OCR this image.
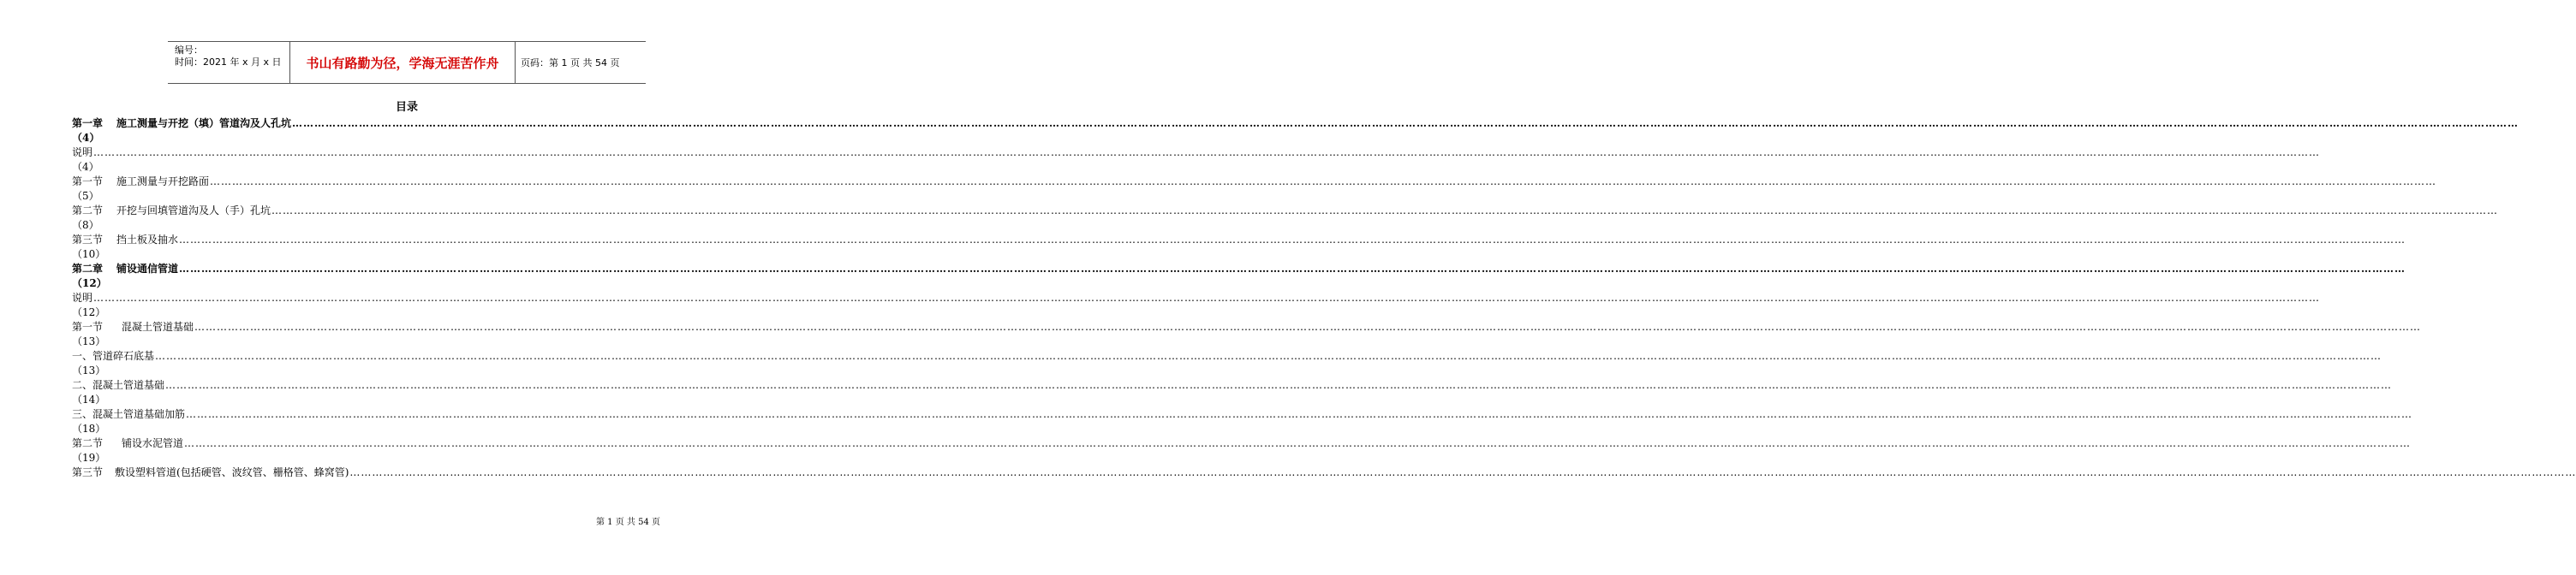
编号：
时间：2021 年 x 月 x 日	书山有路勤为径，学海无涯苦作舟	页码：第 1 页 共 54 页
目录
第一章 施工测量与开挖（填）管道沟及人孔坑 ……………………………………………………………………………………………………………………………………………………………………………………………………………………………………………………………………………………………………………………………………………………………………………………………………………………………………………………………………………………………………………………………………………………
（4）
说明 ……………………………………………………………………………………………………………………………………………………………………………………………………………………………………………………………………………………………………………………………………………………………………………………………………………………………………………………………………………………………………………………………………………………
（4）
第一节 施工测量与开挖路面 ……………………………………………………………………………………………………………………………………………………………………………………………………………………………………………………………………………………………………………………………………………………………………………………………………………………………………………………………………………………………………………………………………………………
（5）
第二节 开挖与回填管道沟及人（手）孔坑 ……………………………………………………………………………………………………………………………………………………………………………………………………………………………………………………………………………………………………………………………………………………………………………………………………………………………………………………………………………………………………………………………………………………
（8）
第三节 挡土板及抽水 ……………………………………………………………………………………………………………………………………………………………………………………………………………………………………………………………………………………………………………………………………………………………………………………………………………………………………………………………………………………………………………………………………………………
（10）
第二章 铺设通信管道 ……………………………………………………………………………………………………………………………………………………………………………………………………………………………………………………………………………………………………………………………………………………………………………………………………………………………………………………………………………………………………………………………………………………
（12）
说明 ……………………………………………………………………………………………………………………………………………………………………………………………………………………………………………………………………………………………………………………………………………………………………………………………………………………………………………………………………………………………………………………………………………………
（12）
第一节 混凝土管道基础 ……………………………………………………………………………………………………………………………………………………………………………………………………………………………………………………………………………………………………………………………………………………………………………………………………………………………………………………………………………………………………………………………………………………
（13）
一、管道碎石底基 ……………………………………………………………………………………………………………………………………………………………………………………………………………………………………………………………………………………………………………………………………………………………………………………………………………………………………………………………………………………………………………………………………………………
（13）
二、混凝土管道基础 ……………………………………………………………………………………………………………………………………………………………………………………………………………………………………………………………………………………………………………………………………………………………………………………………………………………………………………………………………………………………………………………………………………………
（14）
三、混凝土管道基础加筋 ……………………………………………………………………………………………………………………………………………………………………………………………………………………………………………………………………………………………………………………………………………………………………………………………………………………………………………………………………………………………………………………………………………………
（18）
第二节 铺设水泥管道 ……………………………………………………………………………………………………………………………………………………………………………………………………………………………………………………………………………………………………………………………………………………………………………………………………………………………………………………………………………………………………………………………………………………
（19）
第三节 敷设塑料管道(包括硬管、波纹管、栅格管、蜂窝管) ……………………………………………………………………………………………………………………………………………………………………………………………………………………………………………………………………………………………………………………………………………………………………………………………………………………………………………………………………………………………………………………………………………………
第 1 页 共 54 页
